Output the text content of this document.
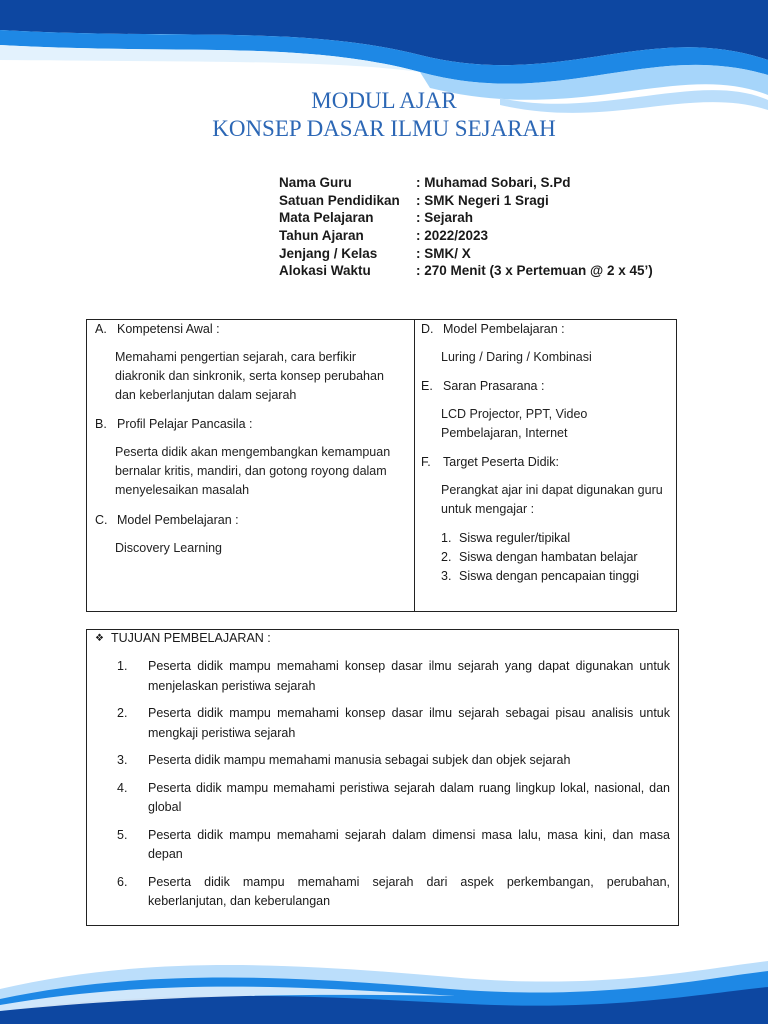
MODUL AJAR
KONSEP DASAR ILMU SEJARAH
Nama Guru	: Muhamad Sobari, S.Pd
Satuan Pendidikan	: SMK Negeri 1 Sragi
Mata Pelajaran	: Sejarah
Tahun Ajaran	: 2022/2023
Jenjang / Kelas	: SMK/ X
Alokasi Waktu	: 270 Menit (3 x Pertemuan @ 2 x 45’)
A. Kompetensi Awal :
Memahami pengertian sejarah, cara berfikir diakronik dan sinkronik, serta konsep perubahan dan keberlanjutan dalam sejarah
B. Profil Pelajar Pancasila :
Peserta didik akan mengembangkan kemampuan bernalar kritis, mandiri, dan gotong royong dalam menyelesaikan masalah
C. Model Pembelajaran :
Discovery Learning
D. Model Pembelajaran :
Luring / Daring / Kombinasi
E. Saran Prasarana :
LCD Projector, PPT, Video Pembelajaran, Internet
F. Target Peserta Didik:
Perangkat ajar ini dapat digunakan guru untuk mengajar :
1. Siswa reguler/tipikal
2. Siswa dengan hambatan belajar
3. Siswa dengan pencapaian tinggi
❖ TUJUAN PEMBELAJARAN :
1.	Peserta didik mampu memahami konsep dasar ilmu sejarah yang dapat digunakan untuk menjelaskan peristiwa sejarah
2.	Peserta didik mampu memahami konsep dasar ilmu sejarah sebagai pisau analisis untuk mengkaji peristiwa sejarah
3.	Peserta didik mampu memahami manusia sebagai subjek dan objek sejarah
4.	Peserta didik mampu memahami peristiwa sejarah dalam ruang lingkup lokal, nasional, dan global
5.	Peserta didik mampu memahami sejarah dalam dimensi masa lalu, masa kini, dan masa depan
6.	Peserta didik mampu memahami sejarah dari aspek perkembangan, perubahan, keberlanjutan, dan keberulangan
